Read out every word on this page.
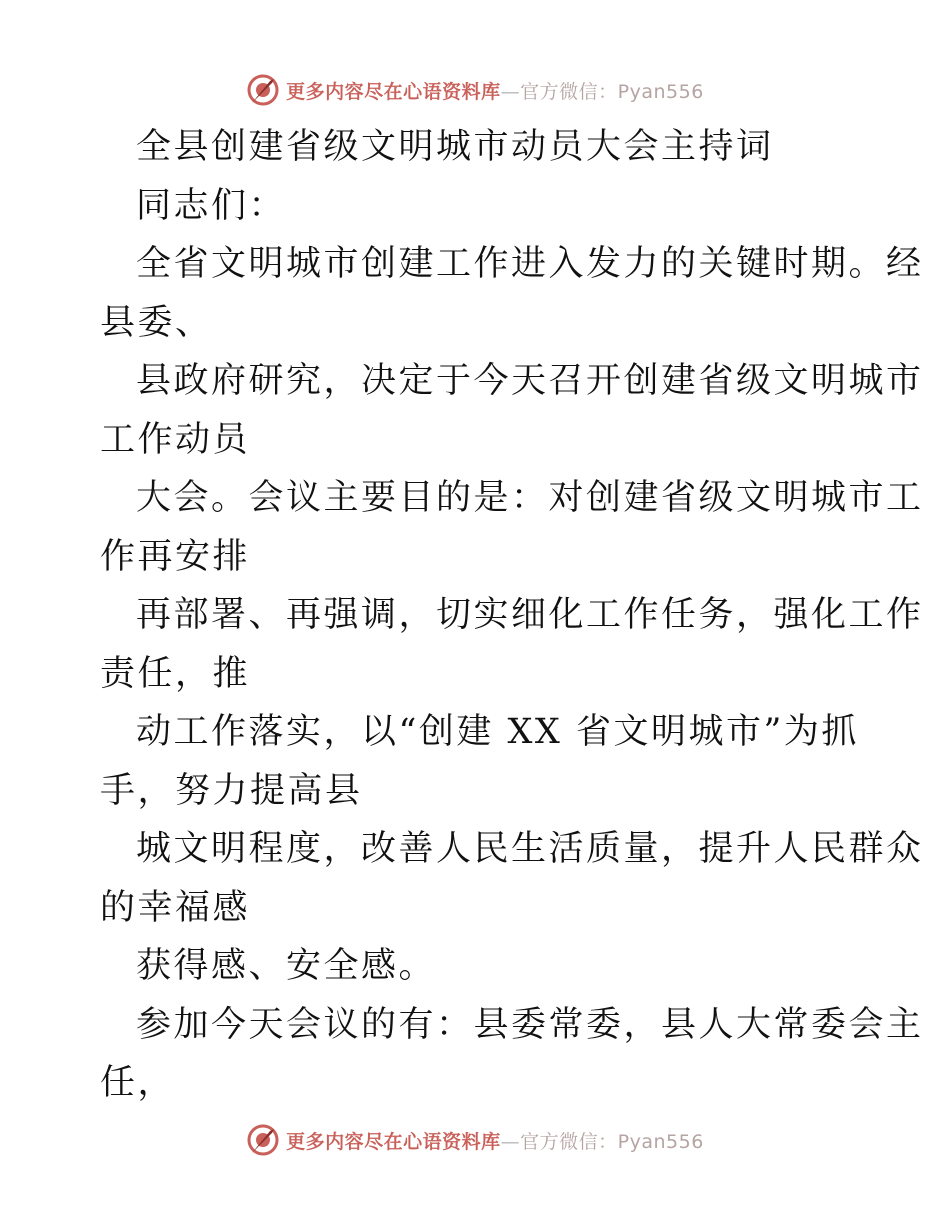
更多内容尽在心语资料库—官方微信：Pyan556
全县创建省级文明城市动员大会主持词
同志们：
全省文明城市创建工作进入发力的关键时期。经
县委、
县政府研究，决定于今天召开创建省级文明城市
工作动员
大会。会议主要目的是：对创建省级文明城市工
作再安排
再部署、再强调，切实细化工作任务，强化工作
责任，推
动工作落实，以“创建 XX 省文明城市”为抓
手，努力提高县
城文明程度，改善人民生活质量，提升人民群众
的幸福感
获得感、安全感。
参加今天会议的有：县委常委，县人大常委会主
任，
更多内容尽在心语资料库—官方微信：Pyan556
